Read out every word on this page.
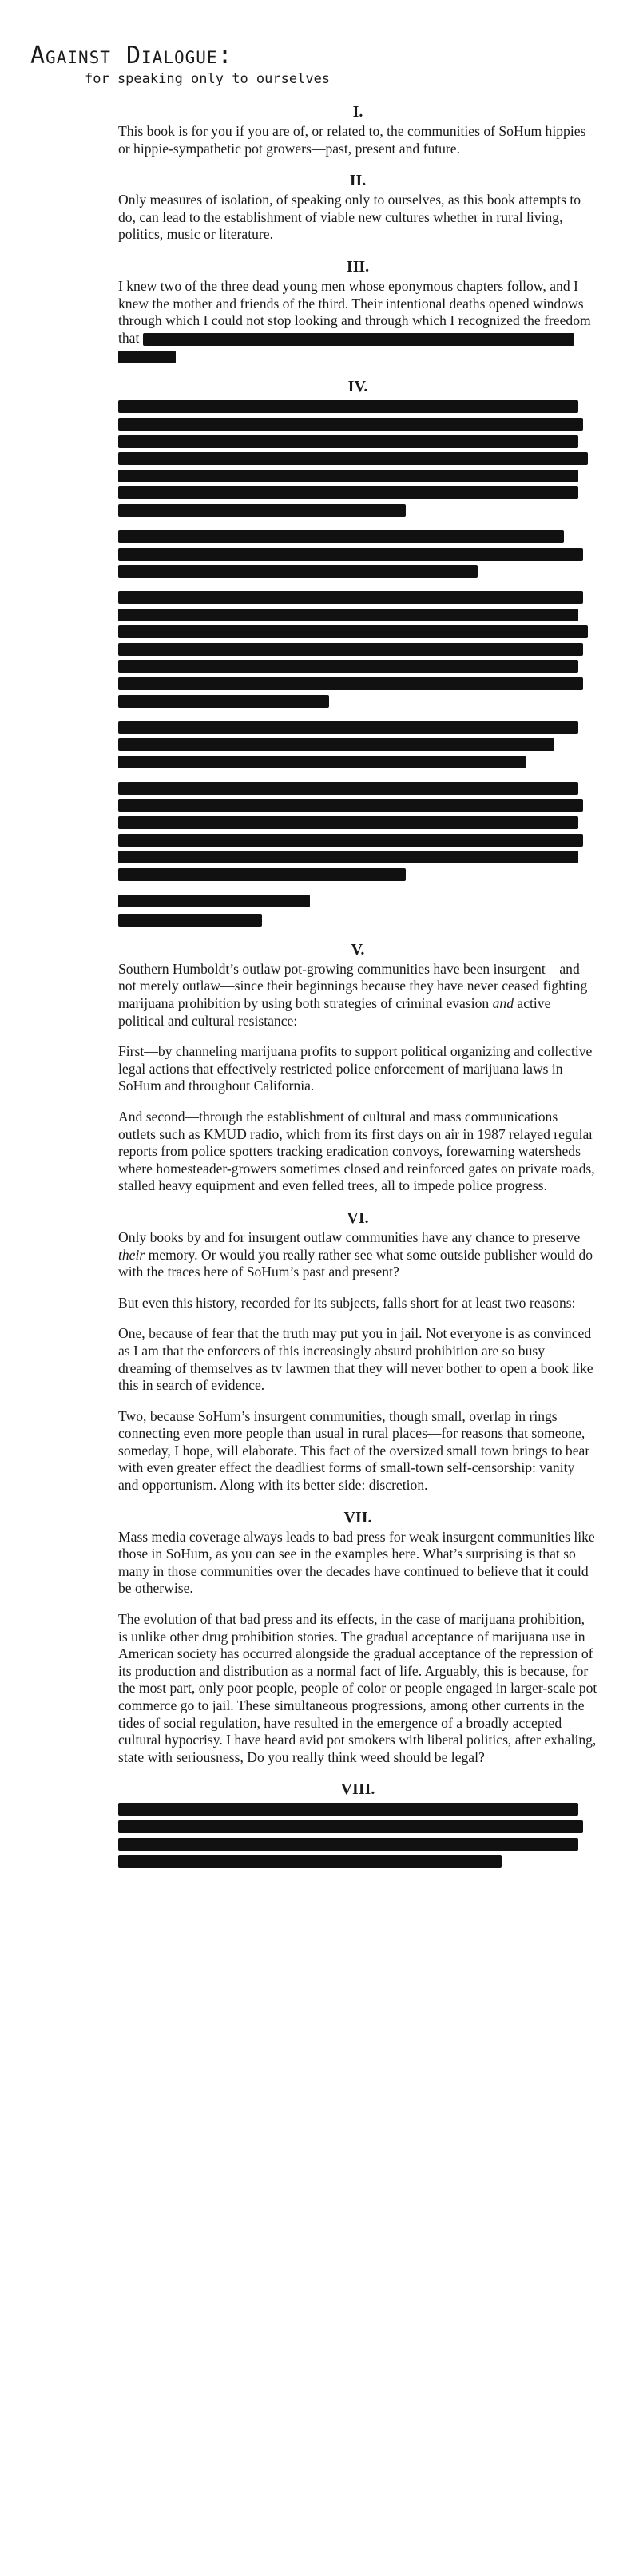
Against Dialogue:
for speaking only to ourselves
I.

This book is for you if you are of, or related to, the communities of SoHum hippies or hippie-sympathetic pot growers—past, present and future.

II.

Only measures of isolation, of speaking only to ourselves, as this book attempts to do, can lead to the establishment of viable new cultures whether in rural living, politics, music or literature.

III.

I knew two of the three dead young men whose eponymous chapters follow, and I knew the mother and friends of the third. Their intentional deaths opened windows through which I could not stop looking and through which I recognized the freedom
that

IV.
V.

Southern Humboldt’s outlaw pot-growing communities have been insurgent—and not merely outlaw—since their beginnings because they have never ceased fighting marijuana prohibition by using both strategies of criminal evasion and active political and cultural resistance:

First—by channeling marijuana profits to support political organizing and collective legal actions that effectively restricted police enforcement of marijuana laws in SoHum and throughout California.

And second—through the establishment of cultural and mass communications outlets such as KMUD radio, which from its first days on air in 1987 relayed regular reports from police spotters tracking eradication convoys, forewarning watersheds where homesteader-growers sometimes closed and reinforced gates on private roads, stalled heavy equipment and even felled trees, all to impede police progress.

VI.

Only books by and for insurgent outlaw communities have any chance to preserve their memory. Or would you really rather see what some outside publisher would do with the traces here of SoHum’s past and present?

But even this history, recorded for its subjects, falls short for at least two reasons:

One, because of fear that the truth may put you in jail. Not everyone is as convinced as I am that the enforcers of this increasingly absurd prohibition are so busy dreaming of themselves as tv lawmen that they will never bother to open a book like this in search of evidence.

Two, because SoHum’s insurgent communities, though small, overlap in rings connecting even more people than usual in rural places—for reasons that someone, someday, I hope, will elaborate. This fact of the oversized small town brings to bear with even greater effect the deadliest forms of small-town self-censorship: vanity and opportunism. Along with its better side: discretion.

VII.

Mass media coverage always leads to bad press for weak insurgent communities like those in SoHum, as you can see in the examples here. What’s surprising is that so many in those communities over the decades have continued to believe that it could be otherwise.

The evolution of that bad press and its effects, in the case of marijuana prohibition, is unlike other drug prohibition stories. The gradual acceptance of marijuana use in American society has occurred alongside the gradual acceptance of the repression of its production and distribution as a normal fact of life. Arguably, this is because, for the most part, only poor people, people of color or people engaged in larger-scale pot commerce go to jail. These simultaneous progressions, among other currents in the tides of social regulation, have resulted in the emergence of a broadly accepted cultural hypocrisy. I have heard avid pot smokers with liberal politics, after exhaling, state with seriousness, Do you really think weed should be legal?

VIII.
